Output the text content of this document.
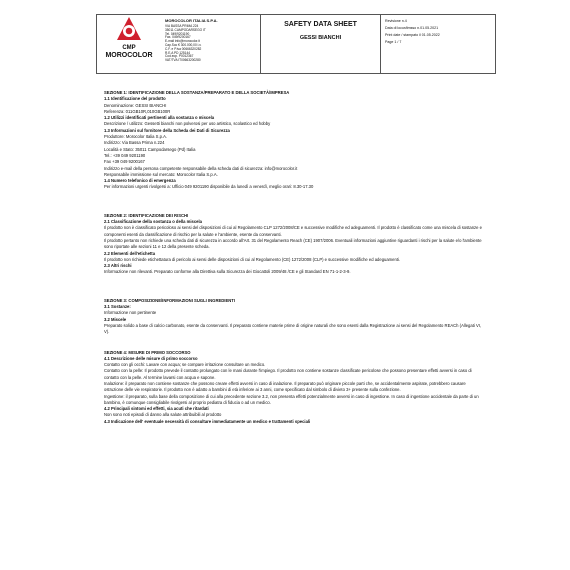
MOROCOLOR ITALIA S.P.A.
VIA BASSA PRIMA 224
35011 CAMPODARSEGO IT
Tel. 049/9201190
Fax. 049/9200167
E-mail info@morocolor.it
Cap.Soc € 300.000,00 i.v.
C.F. e P.iva 00666320282
R.E.A PD 125144
Cod.eop. P0012367
VAT/TVA IT00663200280
SAFETY DATA SHEET
GESSI BIANCHI
Revisione n.4
Data di locusfimsso n.01.05.2021
Print date / stampato il 01.05.2022
Page 1 / 7
CMP
MOROCOLOR
SEZIONE 1: IDENTIFICAZIONE DELLA SOSTANZA/PREPARATO E DELLA SOCIETÀ/IMPRESA
1.1 Identificazione del prodotto
Denominazione: GESSI BIANCHI
Referenza: 011GB10R,010GB100R
1.2 Utilizzi identificati pertinenti alla sostanza o miscela
Descrizione / utilizzo: Gessetti bianchi non polverosi per uso artistico, scolastico ed hobby
1.3 Informazioni sul fornitore della Scheda dei Dati di Sicurezza
Produttore: Morocolor Italia S.p.A.
Indirizzo: Via Bassa Prima n.224
Località e Stato: 35011 Campodarsego (Pd) Italia
Tel.: +39 049 9201190
Fax +39 049 9200167
Indirizzo e-mail della persona competente responsabile della scheda dati di sicurezza: info@morocolor.it
Responsabile immissione sul mercato: Morocolor Italia S.p.A.
1.4 Numero telefonico di emergenza
Per informazioni urgenti rivolgersi a: Ufficio 049 9201190 disponibile da lunedì a venerdì, meglio orari: 8.30-17.30
SEZIONE 2: IDENTIFICAZIONE DEI RISCHI
2.1 Classificazione della sostanza o della miscela
Il prodotto non è classificato pericoloso ai sensi del disposizioni di cui al Regolamento CLP 1272/2008/CE e successive modifiche ed adeguamenti. Il prodotto è classificato come una miscela di sostanze e componenti esenti da classificazione di rischio per la salute e l'ambiente, esente da conservanti.
Il prodotto pertanto non richiede una scheda dati di sicurezza in accordo all'Art. 31 del Regolamento Reach (CE) 1907/2006. Eventuali informazioni aggiuntive riguardanti i rischi per la salute e/o l'ambiente sono riportate alle sezioni 11 e 12 della presente scheda.
2.2 Elementi dell'etichetta
Il prodotto non richiede etichettatura di pericolo ai sensi delle disposizioni di cui al Regolamento (CE) 1272/2008 (CLP) e successive modifiche ed adeguamenti.
2.3 Altri rischi
Informazione non rilevanti. Preparato conforme alla Direttiva sulla Sicurezza dei Giocattoli 2009/48 /CE e gli Standard EN 71-1-2-3-9.
SEZIONE 3: COMPOSIZIONE/INFORMAZIONI SUGLI INGREDIENTI
3.1 Sostanze:
Informazione non pertinente
3.2 Miscele
Preparato solido a base di calcio carbonato, esente da conservanti. Il preparato contiene materie prime di origine naturali che sono esenti dalla Registrazione ai sensi del Regolamento REACh (Allegati VI, V).
SEZIONE 4: MISURE DI PRIMO SOCCORSO
4.1 Descrizione delle misure di primo soccorso
Contatto con gli occhi: Lavare con acqua; se compare irritazione consultare un medico.
Contatto con la pelle: Il prodotto prevede il contatto prolungato con le mani durante l'impiego. Il prodotto non contiene sostanze classificate pericolose che possono presentare effetti avversi in caso di contatto con la pelle. Al termine lavarsi con acqua e sapone.
Inalazione: il preparato non contiene sostanze che possono creare effetti avversi in caso di inalazione. Il preparato può originare piccole parti che, se accidentalmente aspirate, potrebbero causare ostruzione delle vie respiratorie. Il prodotto non è adatto a bambini di età inferiore ai 3 anni, come specificato dal simbolo di divieto 3+ presente sulla confezione.
Ingestione: il preparato, sulla base della composizione di cui alla precedente sezione 3.2, non presenta effetti potenzialmente avversi in caso di ingestione. In caso di ingestione accidentale da parte di un bambino, è comunque consigliabile rivolgersi al proprio pediatra di fiducia o ad un medico.
4.2 Principali sintomi ed effetti, sia acuti che ritardati
Non sono noti episodi di danno alla salute attribuibili al prodotto
4.3 Indicazione dell' eventuale necessità di consultare immediatamente un medico e trattamenti speciali
